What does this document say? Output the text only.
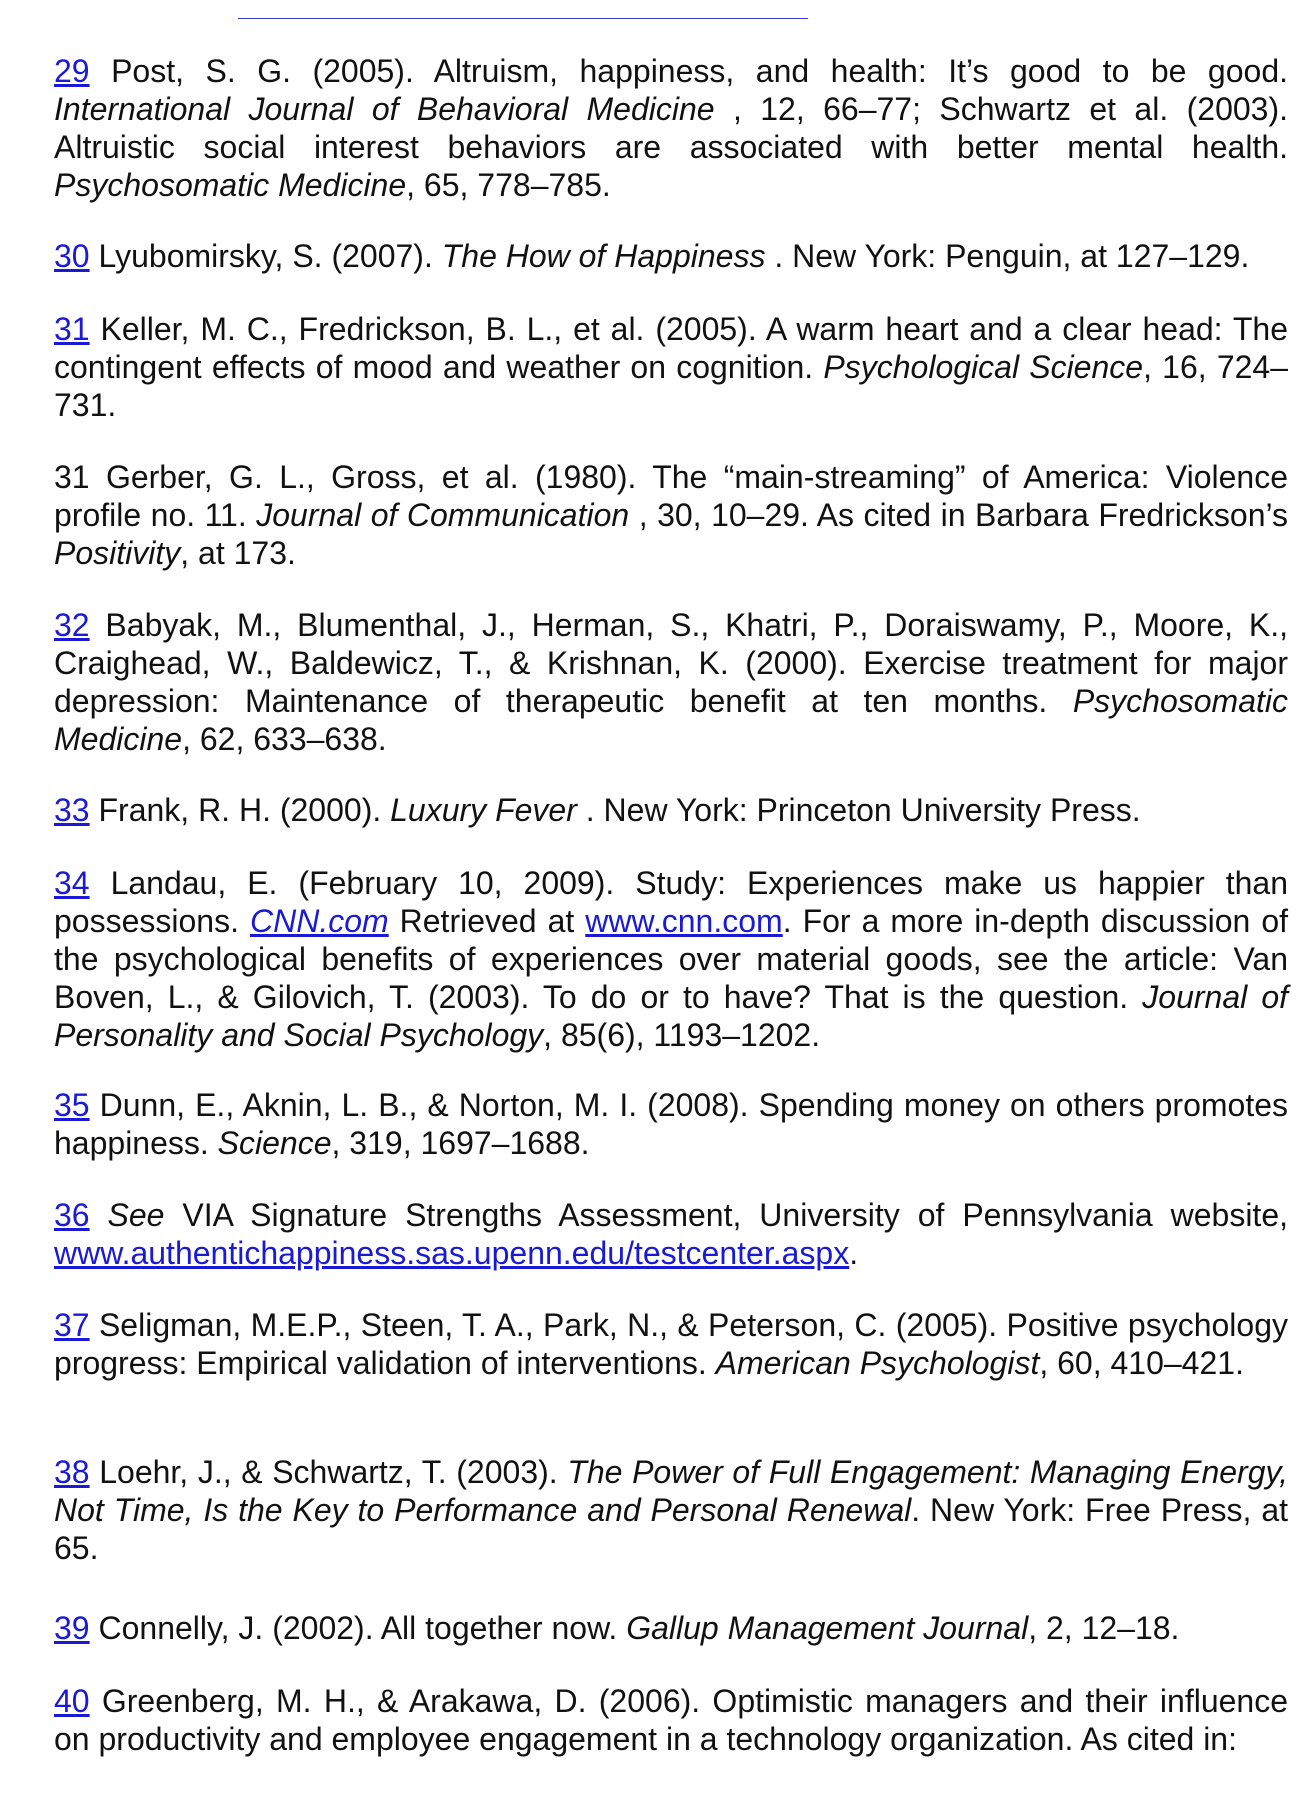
29 Post, S. G. (2005). Altruism, happiness, and health: It’s good to be good. International Journal of Behavioral Medicine , 12, 66–77; Schwartz et al. (2003). Altruistic social interest behaviors are associated with better mental health. Psychosomatic Medicine, 65, 778–785.

30 Lyubomirsky, S. (2007). The How of Happiness . New York: Penguin, at 127–129.

31 Keller, M. C., Fredrickson, B. L., et al. (2005). A warm heart and a clear head: The contingent effects of mood and weather on cognition. Psychological Science, 16, 724–731.

31 Gerber, G. L., Gross, et al. (1980). The “main-streaming” of America: Violence profile no. 11. Journal of Communication , 30, 10–29. As cited in Barbara Fredrickson’s Positivity, at 173.

32 Babyak, M., Blumenthal, J., Herman, S., Khatri, P., Doraiswamy, P., Moore, K., Craighead, W., Baldewicz, T., & Krishnan, K. (2000). Exercise treatment for major depression: Maintenance of therapeutic benefit at ten months. Psychosomatic Medicine, 62, 633–638.

33 Frank, R. H. (2000). Luxury Fever . New York: Princeton University Press.

34 Landau, E. (February 10, 2009). Study: Experiences make us happier than possessions. CNN.com Retrieved at www.cnn.com. For a more in-depth discussion of the psychological benefits of experiences over material goods, see the article: Van Boven, L., & Gilovich, T. (2003). To do or to have? That is the question. Journal of Personality and Social Psychology, 85(6), 1193–1202.

35 Dunn, E., Aknin, L. B., & Norton, M. I. (2008). Spending money on others promotes happiness. Science, 319, 1697–1688.

36 See VIA Signature Strengths Assessment, University of Pennsylvania website, www.authentichappiness.sas.upenn.edu/testcenter.aspx.

37 Seligman, M.E.P., Steen, T. A., Park, N., & Peterson, C. (2005). Positive psychology progress: Empirical validation of interventions. American Psychologist, 60, 410–421.

38 Loehr, J., & Schwartz, T. (2003). The Power of Full Engagement: Managing Energy, Not Time, Is the Key to Performance and Personal Renewal. New York: Free Press, at 65.

39 Connelly, J. (2002). All together now. Gallup Management Journal, 2, 12–18.

40 Greenberg, M. H., & Arakawa, D. (2006). Optimistic managers and their influence on productivity and employee engagement in a technology organization. As cited in:
